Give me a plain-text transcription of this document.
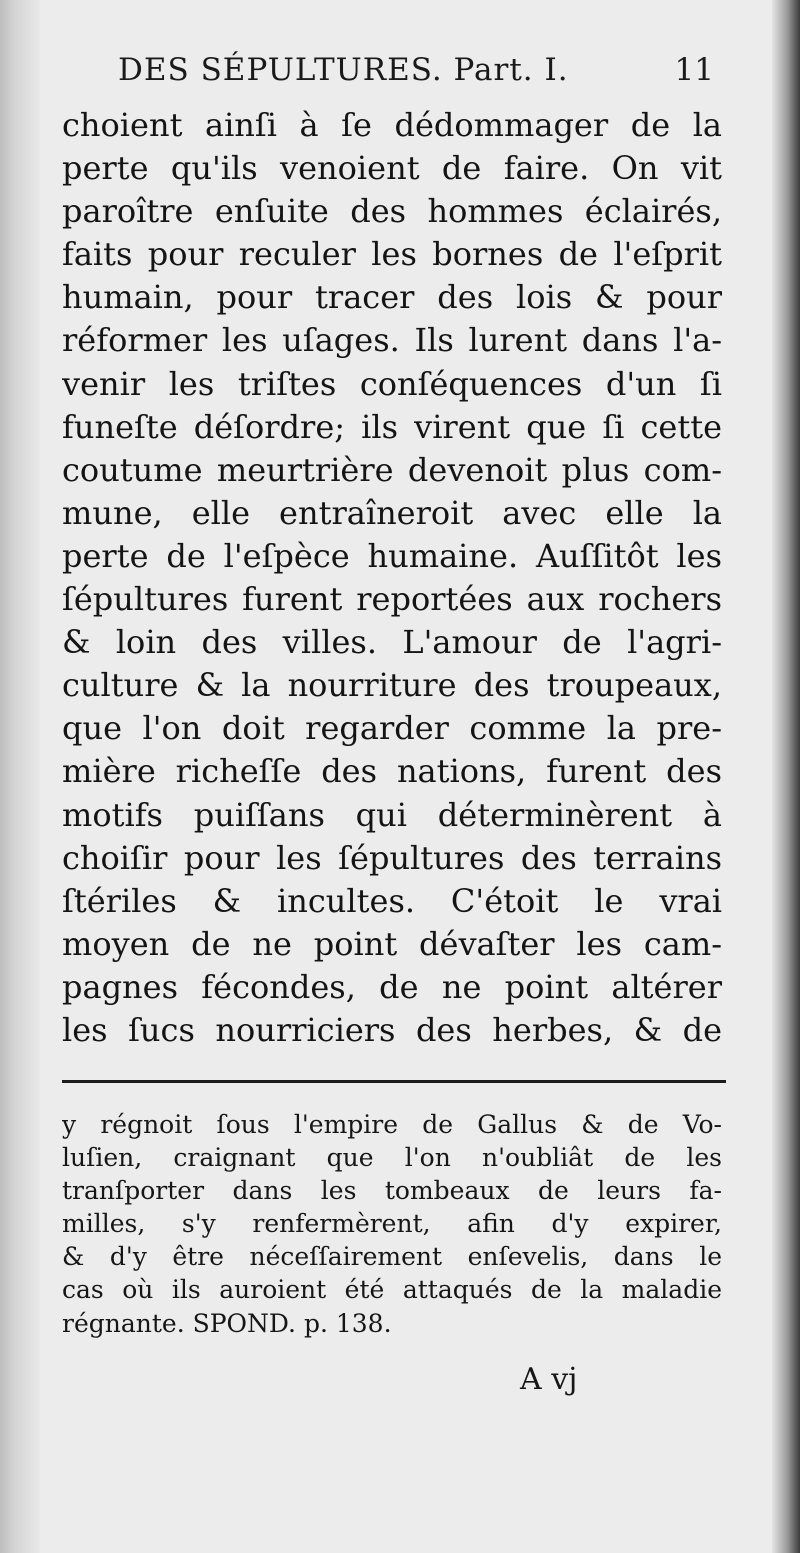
DES SÉPULTURES. Part. I.	11
choient ainſi à ſe dédommager de la
perte qu'ils venoient de faire. On vit
paroître enſuite des hommes éclairés,
faits pour reculer les bornes de l'eſprit
humain, pour tracer des lois & pour
réformer les uſages. Ils lurent dans l'a-
venir les triſtes conſéquences d'un ſi
funeſte déſordre; ils virent que ſi cette
coutume meurtrière devenoit plus com-
mune, elle entraîneroit avec elle la
perte de l'eſpèce humaine. Auſſitôt les
ſépultures furent reportées aux rochers
& loin des villes. L'amour de l'agri-
culture & la nourriture des troupeaux,
que l'on doit regarder comme la pre-
mière richeſſe des nations, furent des
motifs puiſſans qui déterminèrent à
choiſir pour les ſépultures des terrains
ſtériles & incultes. C'étoit le vrai
moyen de ne point dévaſter les cam-
pagnes fécondes, de ne point altérer
les ſucs nourriciers des herbes, & de
y régnoit ſous l'empire de Gallus & de Vo-
luſien, craignant que l'on n'oubliât de les
tranſporter dans les tombeaux de leurs fa-
milles, s'y renfermèrent, afin d'y expirer,
& d'y être néceſſairement enſevelis, dans le
cas où ils auroient été attaqués de la maladie
régnante. SPOND. p. 138.
A vj
